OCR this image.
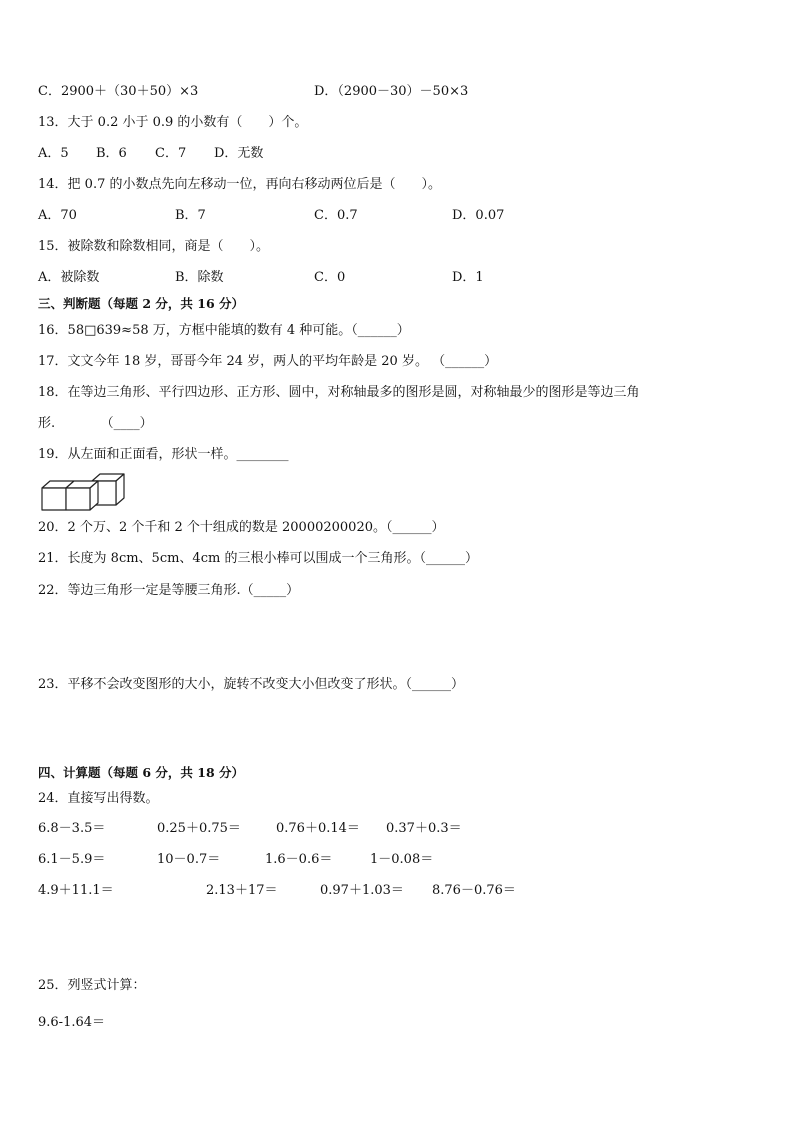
C．2900＋（30＋50）×3	D．（2900－30）－50×3
13．大于 0.2 小于 0.9 的小数有（　　）个。
A．5 B．6 C．7 D．无数
14．把 0.7 的小数点先向左移动一位，再向右移动两位后是（　　）。
A．70	B．7	C．0.7	D．0.07
15．被除数和除数相同，商是（　　）。
A．被除数	B．除数	C．0	D．1
三、判断题（每题 2 分，共 16 分）
16．58□639≈58 万，方框中能填的数有 4 种可能。（______）
17．文文今年 18 岁，哥哥今年 24 岁，两人的平均年龄是 20 岁。 （______）
18．在等边三角形、平行四边形、正方形、圆中，对称轴最多的图形是圆，对称轴最少的图形是等边三角
形.　　　　（____）
19．从左面和正面看，形状一样。________
20．2 个万、2 个千和 2 个十组成的数是 20000200020。（______）
21．长度为 8cm、5cm、4cm 的三根小棒可以围成一个三角形。（______）
22．等边三角形一定是等腰三角形.（_____）
23．平移不会改变图形的大小，旋转不改变大小但改变了形状。（______）
四、计算题（每题 6 分，共 18 分）
24．直接写出得数。
6.8－3.5＝	0.25＋0.75＝	0.76＋0.14＝ 0.37＋0.3＝
6.1－5.9＝	10－0.7＝	1.6－0.6＝	1－0.08＝
4.9＋11.1＝	2.13＋17＝	0.97＋1.03＝ 8.76－0.76＝
25．列竖式计算：
9.6-1.64＝
